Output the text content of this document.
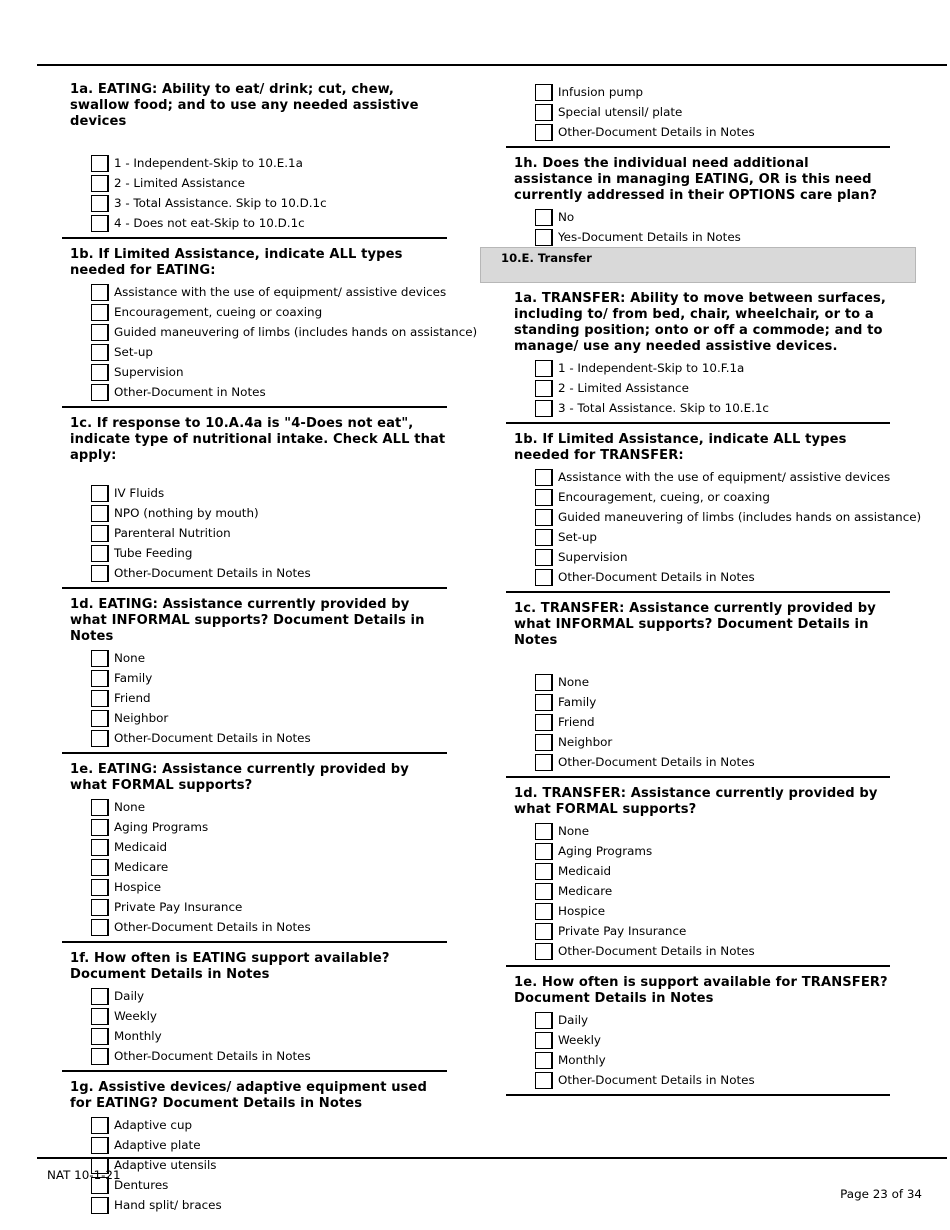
1a. EATING: Ability to eat/ drink; cut, chew, swallow food; and to use any needed assistive devices
1 - Independent-Skip to 10.E.1a
2 - Limited Assistance
3 - Total Assistance. Skip to 10.D.1c
4 - Does not eat-Skip to 10.D.1c
1b. If Limited Assistance, indicate ALL types needed for EATING:
Assistance with the use of equipment/ assistive devices
Encouragement, cueing or coaxing
Guided maneuvering of limbs (includes hands on assistance)
Set-up
Supervision
Other-Document in Notes
1c. If response to 10.A.4a is "4-Does not eat", indicate type of nutritional intake. Check ALL that apply:
IV Fluids
NPO (nothing by mouth)
Parenteral Nutrition
Tube Feeding
Other-Document Details in Notes
1d. EATING: Assistance currently provided by what INFORMAL supports? Document Details in Notes
None
Family
Friend
Neighbor
Other-Document Details in Notes
1e. EATING: Assistance currently provided by what FORMAL supports?
None
Aging Programs
Medicaid
Medicare
Hospice
Private Pay Insurance
Other-Document Details in Notes
1f. How often is EATING support available? Document Details in Notes
Daily
Weekly
Monthly
Other-Document Details in Notes
1g. Assistive devices/ adaptive equipment used for EATING? Document Details in Notes
Adaptive cup
Adaptive plate
Adaptive utensils
Dentures
Hand split/ braces
Infusion pump
Special utensil/ plate
Other-Document Details in Notes
1h. Does the individual need additional assistance in managing EATING, OR is this need currently addressed in their OPTIONS care plan?
No
Yes-Document Details in Notes
10.E. Transfer
1a. TRANSFER: Ability to move between surfaces, including to/ from bed, chair, wheelchair, or to a standing position; onto or off a commode; and to manage/ use any needed assistive devices.
1 - Independent-Skip to 10.F.1a
2 - Limited Assistance
3 - Total Assistance. Skip to 10.E.1c
1b. If Limited Assistance, indicate ALL types needed for TRANSFER:
Assistance with the use of equipment/ assistive devices
Encouragement, cueing, or coaxing
Guided maneuvering of limbs (includes hands on assistance)
Set-up
Supervision
Other-Document Details in Notes
1c. TRANSFER: Assistance currently provided by what INFORMAL supports? Document Details in Notes
None
Family
Friend
Neighbor
Other-Document Details in Notes
1d. TRANSFER: Assistance currently provided by what FORMAL supports?
None
Aging Programs
Medicaid
Medicare
Hospice
Private Pay Insurance
Other-Document Details in Notes
1e. How often is support available for TRANSFER? Document Details in Notes
Daily
Weekly
Monthly
Other-Document Details in Notes
NAT 10-1-21
Page 23 of 34
